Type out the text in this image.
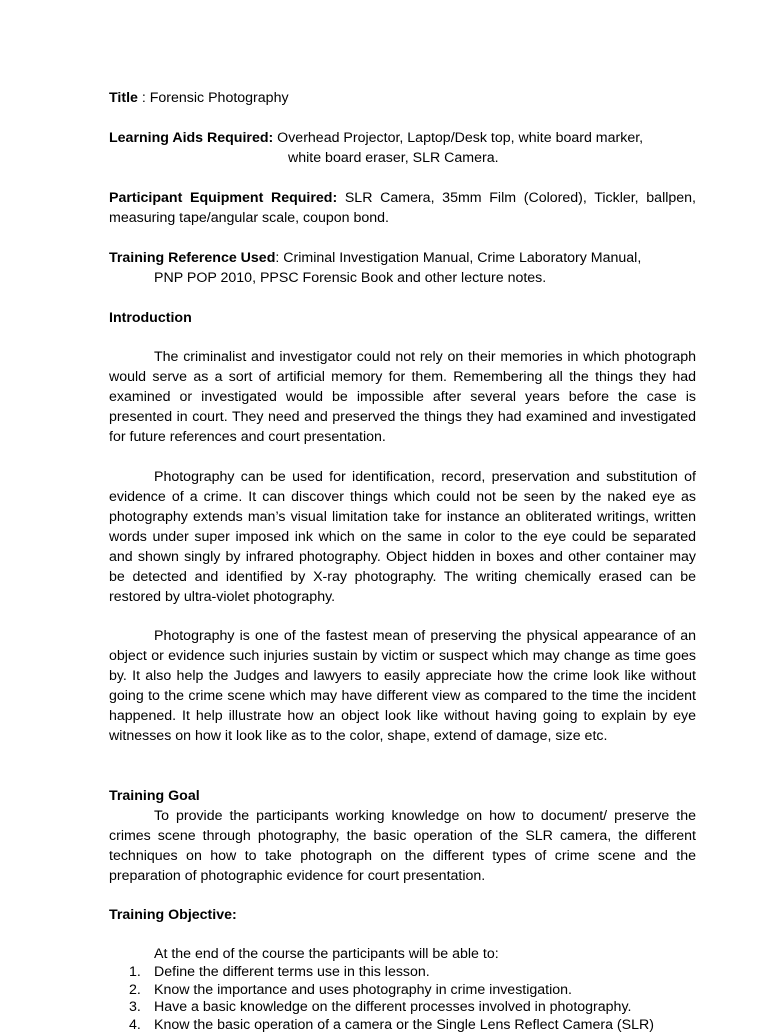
Title : Forensic Photography

Learning Aids Required: Overhead Projector, Laptop/Desk top, white board marker,
white board eraser, SLR Camera.

Participant Equipment Required: SLR Camera, 35mm Film (Colored), Tickler, ballpen, measuring tape/angular scale, coupon bond.

Training Reference Used: Criminal Investigation Manual, Crime Laboratory Manual,
PNP POP 2010, PPSC Forensic Book and other lecture notes.

Introduction

The criminalist and investigator could not rely on their memories in which photograph would serve as a sort of artificial memory for them. Remembering all the things they had examined or investigated would be impossible after several years before the case is presented in court. They need and preserved the things they had examined and investigated for future references and court presentation.

Photography can be used for identification, record, preservation and substitution of evidence of a crime. It can discover things which could not be seen by the naked eye as photography extends man’s visual limitation take for instance an obliterated writings, written words under super imposed ink which on the same in color to the eye could be separated and shown singly by infrared photography. Object hidden in boxes and other container may be detected and identified by X-ray photography. The writing chemically erased can be restored by ultra-violet photography.

Photography is one of the fastest mean of preserving the physical appearance of an object or evidence such injuries sustain by victim or suspect which may change as time goes by. It also help the Judges and lawyers to easily appreciate how the crime look like without going to the crime scene which may have different view as compared to the time the incident happened. It help illustrate how an object look like without having going to explain by eye witnesses on how it look like as to the color, shape, extend of damage, size etc.

Training Goal

To provide the participants working knowledge on how to document/ preserve the crimes scene through photography, the basic operation of the SLR camera, the different techniques on how to take photograph on the different types of crime scene and the preparation of photographic evidence for court presentation.

Training Objective:

At the end of the course the participants will be able to:

1. Define the different terms use in this lesson.
2. Know the importance and uses photography in crime investigation.
3. Have a basic knowledge on the different processes involved in photography.
4. Know the basic operation of a camera or the Single Lens Reflect Camera (SLR)
